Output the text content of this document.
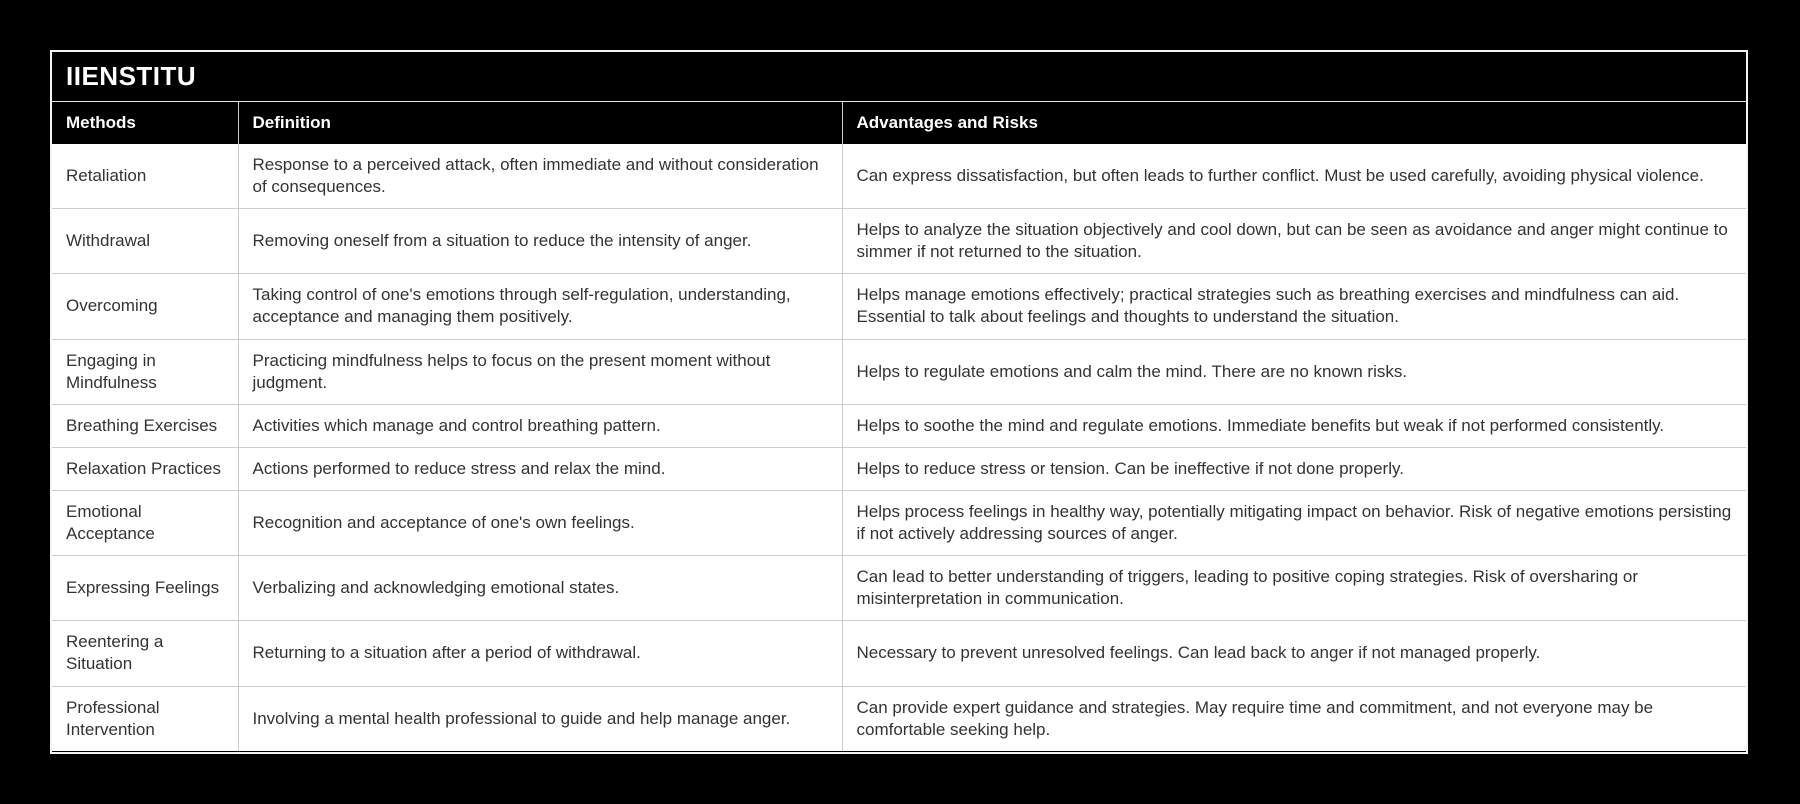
IIENSTITU
Methods	Definition	Advantages and Risks
Retaliation	Response to a perceived attack, often immediate and without consideration of consequences.	Can express dissatisfaction, but often leads to further conflict. Must be used carefully, avoiding physical violence.
Withdrawal	Removing oneself from a situation to reduce the intensity of anger.	Helps to analyze the situation objectively and cool down, but can be seen as avoidance and anger might continue to simmer if not returned to the situation.
Overcoming	Taking control of one's emotions through self-regulation, understanding, acceptance and managing them positively.	Helps manage emotions effectively; practical strategies such as breathing exercises and mindfulness can aid. Essential to talk about feelings and thoughts to understand the situation.
Engaging in Mindfulness	Practicing mindfulness helps to focus on the present moment without judgment.	Helps to regulate emotions and calm the mind. There are no known risks.
Breathing Exercises	Activities which manage and control breathing pattern.	Helps to soothe the mind and regulate emotions. Immediate benefits but weak if not performed consistently.
Relaxation Practices	Actions performed to reduce stress and relax the mind.	Helps to reduce stress or tension. Can be ineffective if not done properly.
Emotional Acceptance	Recognition and acceptance of one's own feelings.	Helps process feelings in healthy way, potentially mitigating impact on behavior. Risk of negative emotions persisting if not actively addressing sources of anger.
Expressing Feelings	Verbalizing and acknowledging emotional states.	Can lead to better understanding of triggers, leading to positive coping strategies. Risk of oversharing or misinterpretation in communication.
Reentering a Situation	Returning to a situation after a period of withdrawal.	Necessary to prevent unresolved feelings. Can lead back to anger if not managed properly.
Professional Intervention	Involving a mental health professional to guide and help manage anger.	Can provide expert guidance and strategies. May require time and commitment, and not everyone may be comfortable seeking help.
